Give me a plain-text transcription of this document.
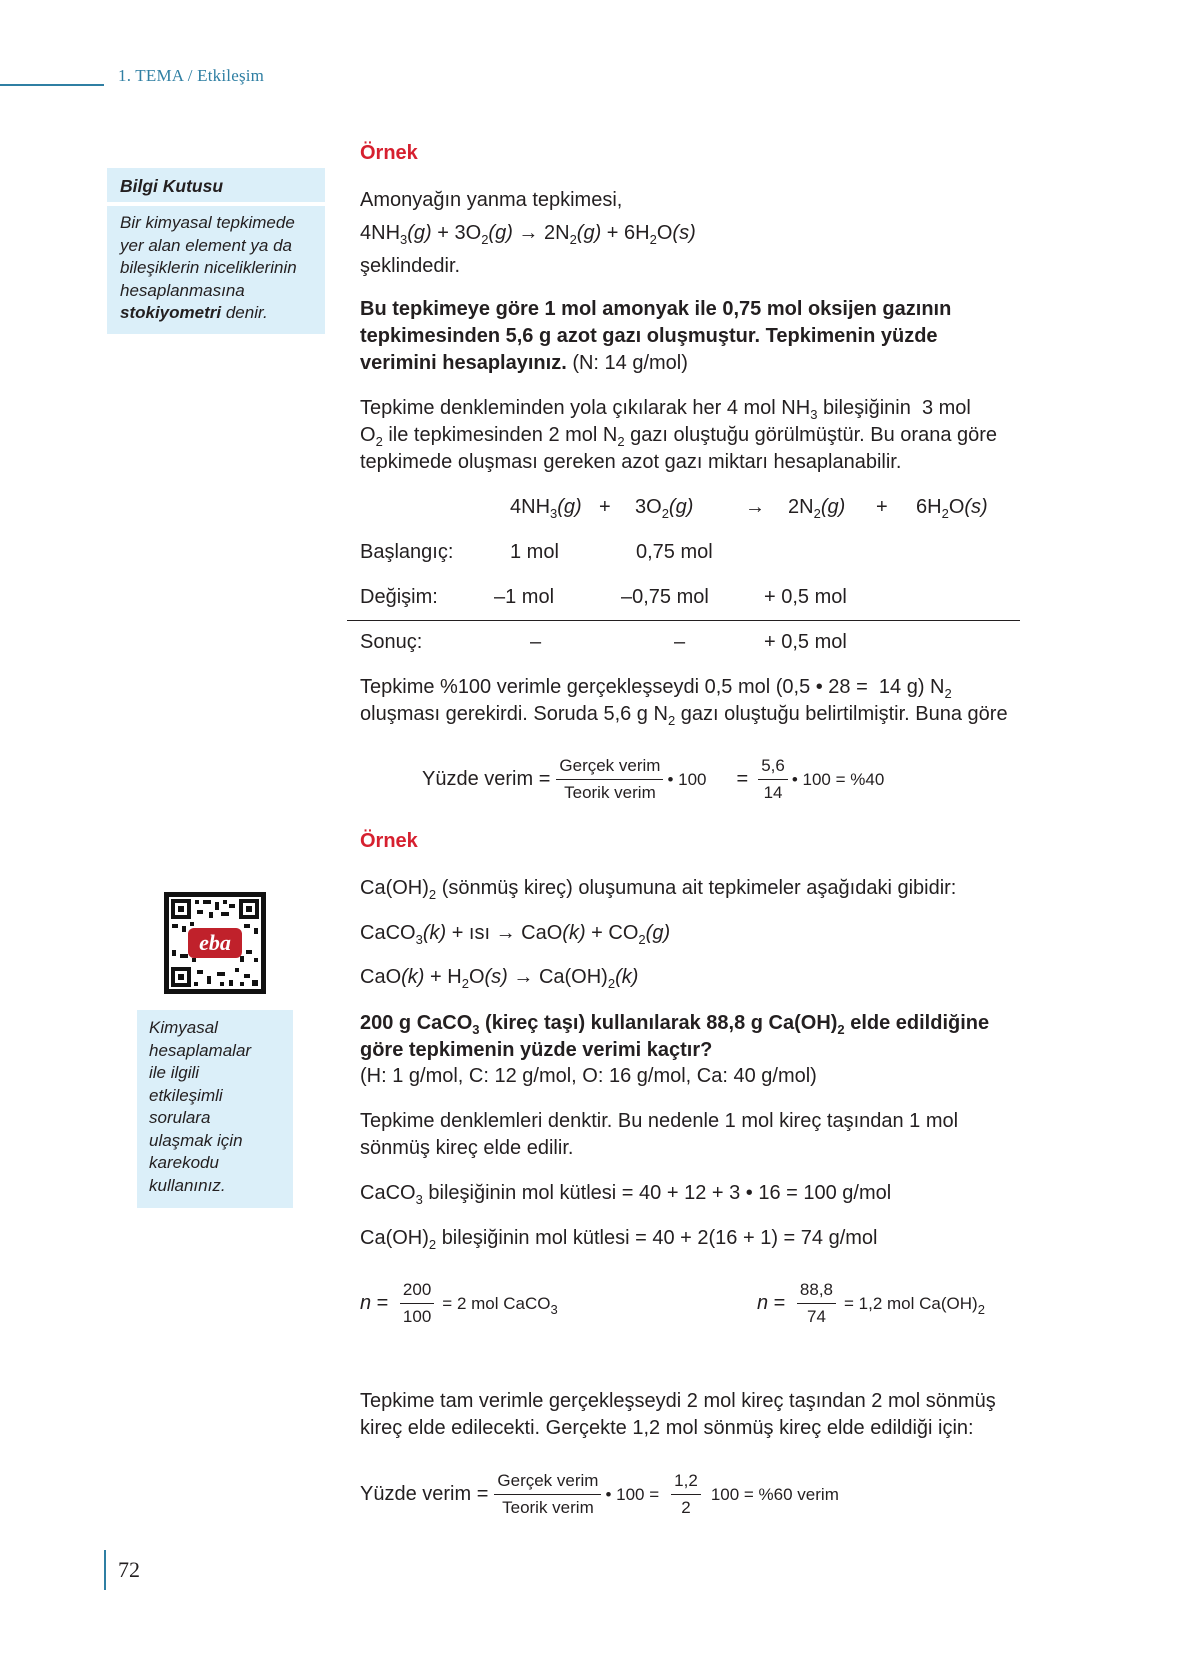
1. TEMA / Etkileşim
Bilgi Kutusu
Bir kimyasal tepkimede
yer alan element ya da
bileşiklerin niceliklerinin
hesaplanmasına
stokiyometri denir.
eba
Kimyasal
hesaplamalar
ile ilgili
etkileşimli
sorulara
ulaşmak için
karekodu
kullanınız.
Örnek
Amonyağın yanma tepkimesi,
$4NH_3(g) + 3O_2(g) \to 2N_2(g) + 6H_2O(s)$
şeklindedir.
Bu tepkimeye göre 1 mol amonyak ile 0,75 mol oksijen gazının
tepkimesinden 5,6 g azot gazı oluşmuştur. Tepkimenin yüzde
verimini hesaplayınız. (N: 14 g/mol)
Tepkime denkleminden yola çıkılarak her 4 mol $NH_3$ bileşiğinin  3 mol
$O_2$ ile tepkimesinden 2 mol $N_2$ gazı oluştuğu görülmüştür. Bu orana göre
tepkimede oluşması gereken azot gazı miktarı hesaplanabilir.
$4NH_3(g) + 3O_2(g)$	→ $2N_2(g) + 6H_2O(s)$
Başlangıç:	1 mol	0,75 mol
Değişim:	–1 mol	–0,75 mol	+ 0,5 mol
Sonuç:	–	–	+ 0,5 mol
Tepkime %100 verimle gerçekleşseydi 0,5 mol (0,5 • 28 =  14 g) $N_2$
oluşması gerekirdi. Soruda 5,6 g $N_2$ gazı oluştuğu belirtilmiştir. Buna göre
Yüzde verim = $\frac{\text{Gerçek verim}}{\text{Teorik verim}}$ • $100 = \frac{5,6}{14}$ • 100 = %40
Örnek
$Ca(OH)_2$ (sönmüş kireç) oluşumuna ait tepkimeler aşağıdaki gibidir:
CaCO$_3$(k) + ısı → $CaO(k) + CO_2(g)$
$CaO(k) + H_2O(s) \to Ca(OH)_2(k)$
200 g CaCO$_3$ (kireç taşı) kullanılarak 88,8 g $Ca(OH)_2$ elde edildiğine
göre tepkimenin yüzde verimi kaçtır?
(H: 1 g/mol, C: 12 g/mol, O: 16 g/mol, Ca: 40 g/mol)
Tepkime denklemleri denktir. Bu nedenle 1 mol kireç taşından 1 mol
sönmüş kireç elde edilir.
CaCO$_3$ bileşiğinin mol kütlesi = 40 + 12 + 3 • 16 = 100 g/mol
$Ca(OH)_2$ bileşiğinin mol kütlesi = 40 + 2(16 + 1) = 74 g/mol
$n = \frac{200}{100} = 2$ mol CaCO$_3$	$n = \frac{88,8}{74} = 1,2$ mol $Ca(OH)_2$
Tepkime tam verimle gerçekleşseydi 2 mol kireç taşından 2 mol sönmüş
kireç elde edilecekti. Gerçekte 1,2 mol sönmüş kireç elde edildiği için:
Yüzde verim = $\frac{\text{Gerçek verim}}{\text{Teorik verim}}$ • $100 = \frac{1,2}{2} 100 = \%60$ verim
72
